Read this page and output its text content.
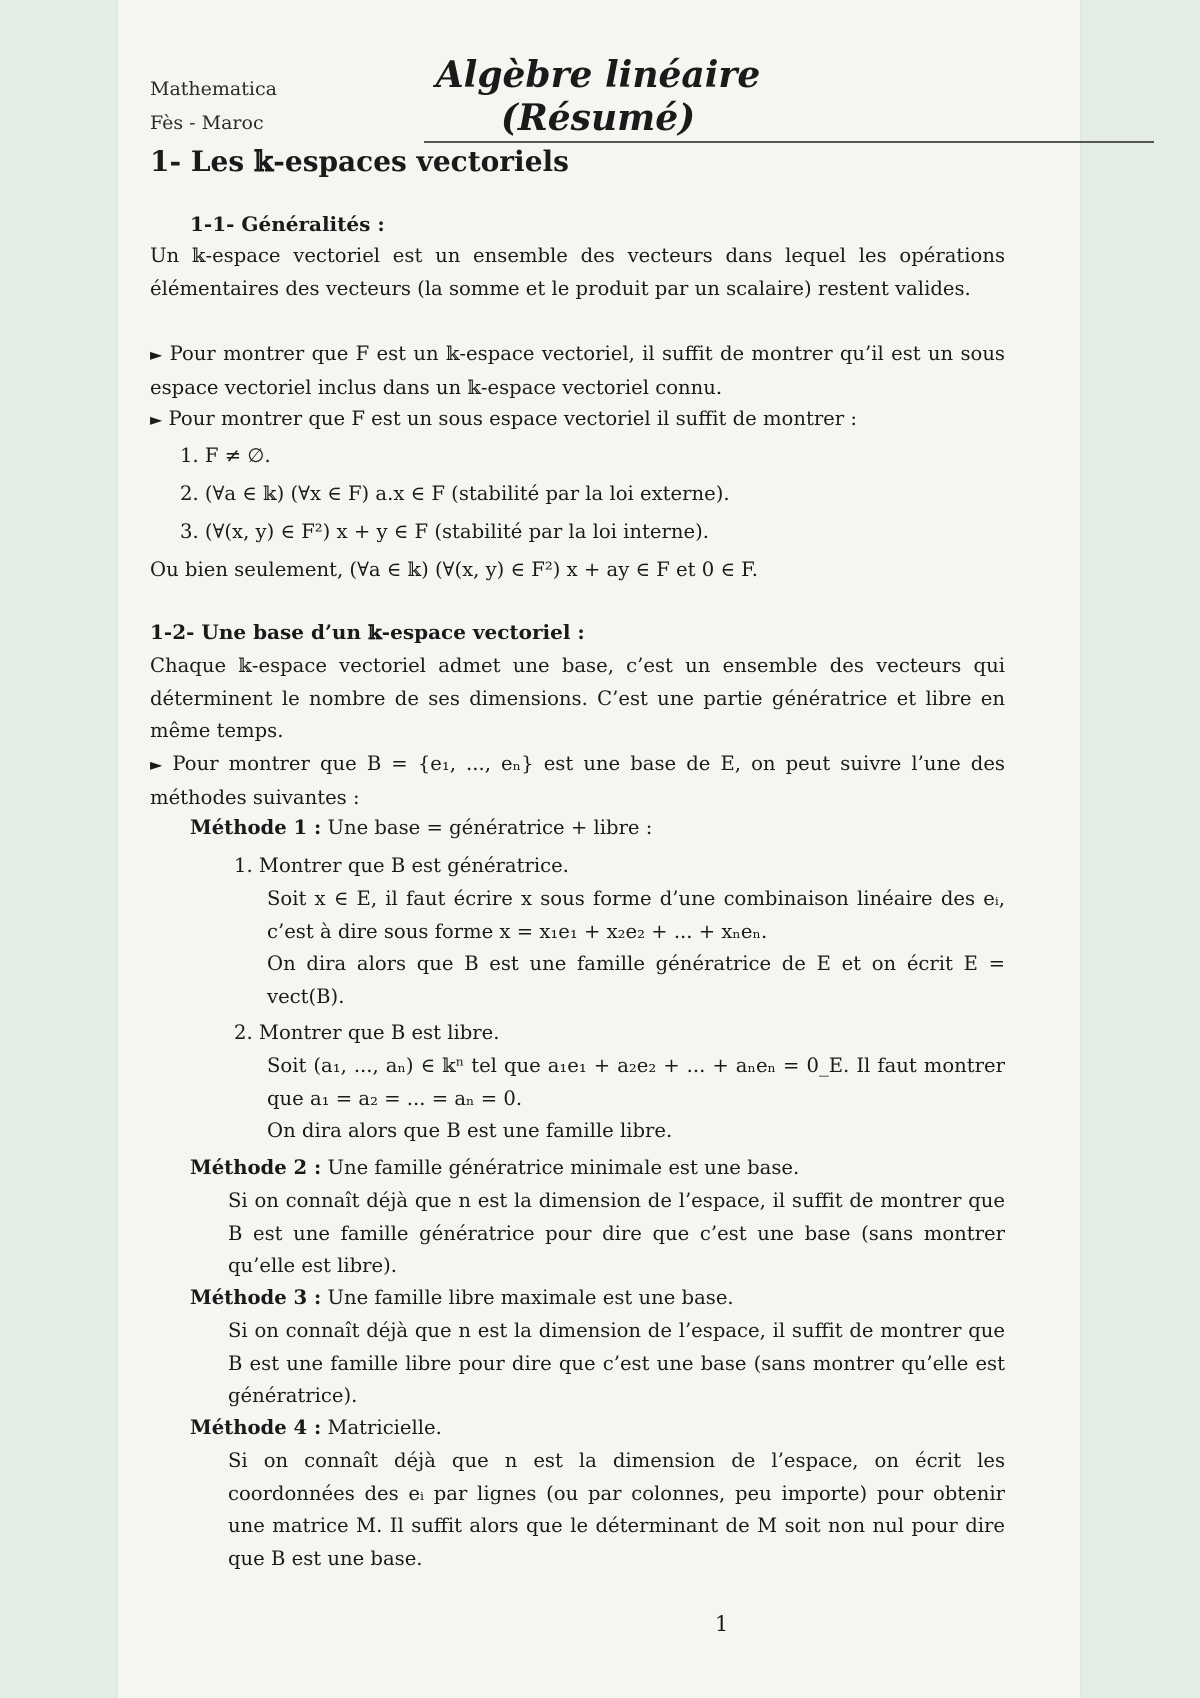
Mathematica
Fès - Maroc
Algèbre linéaire
(Résumé)
1- Les 𝕜-espaces vectoriels
1-1- Généralités :
Un 𝕜-espace vectoriel est un ensemble des vecteurs dans lequel les opérations élémentaires des vecteurs (la somme et le produit par un scalaire) restent valides.
► Pour montrer que F est un 𝕜-espace vectoriel, il suffit de montrer qu’il est un sous espace vectoriel inclus dans un 𝕜-espace vectoriel connu.
► Pour montrer que F est un sous espace vectoriel il suffit de montrer :
1. F ≠ ∅.
2. (∀a ∈ 𝕜) (∀x ∈ F) a.x ∈ F (stabilité par la loi externe).
3. (∀(x, y) ∈ F²) x + y ∈ F (stabilité par la loi interne).
Ou bien seulement, (∀a ∈ 𝕜) (∀(x, y) ∈ F²) x + ay ∈ F et 0 ∈ F.
1-2- Une base d’un 𝕜-espace vectoriel :
Chaque 𝕜-espace vectoriel admet une base, c’est un ensemble des vecteurs qui déterminent le nombre de ses dimensions. C’est une partie génératrice et libre en même temps.
► Pour montrer que B = {e₁, ..., eₙ} est une base de E, on peut suivre l’une des méthodes suivantes :
Méthode 1 : Une base = génératrice + libre :
1. Montrer que B est génératrice.
Soit x ∈ E, il faut écrire x sous forme d’une combinaison linéaire des eᵢ, c’est à dire sous forme x = x₁e₁ + x₂e₂ + ... + xₙeₙ.
On dira alors que B est une famille génératrice de E et on écrit E = vect(B).
2. Montrer que B est libre.
Soit (a₁, ..., aₙ) ∈ 𝕜ⁿ tel que a₁e₁ + a₂e₂ + ... + aₙeₙ = 0_E. Il faut montrer que a₁ = a₂ = ... = aₙ = 0.
On dira alors que B est une famille libre.
Méthode 2 : Une famille génératrice minimale est une base.
Si on connaît déjà que n est la dimension de l’espace, il suffit de montrer que B est une famille génératrice pour dire que c’est une base (sans montrer qu’elle est libre).
Méthode 3 : Une famille libre maximale est une base.
Si on connaît déjà que n est la dimension de l’espace, il suffit de montrer que B est une famille libre pour dire que c’est une base (sans montrer qu’elle est génératrice).
Méthode 4 : Matricielle.
Si on connaît déjà que n est la dimension de l’espace, on écrit les coordonnées des eᵢ par lignes (ou par colonnes, peu importe) pour obtenir une matrice M. Il suffit alors que le déterminant de M soit non nul pour dire que B est une base.
1
